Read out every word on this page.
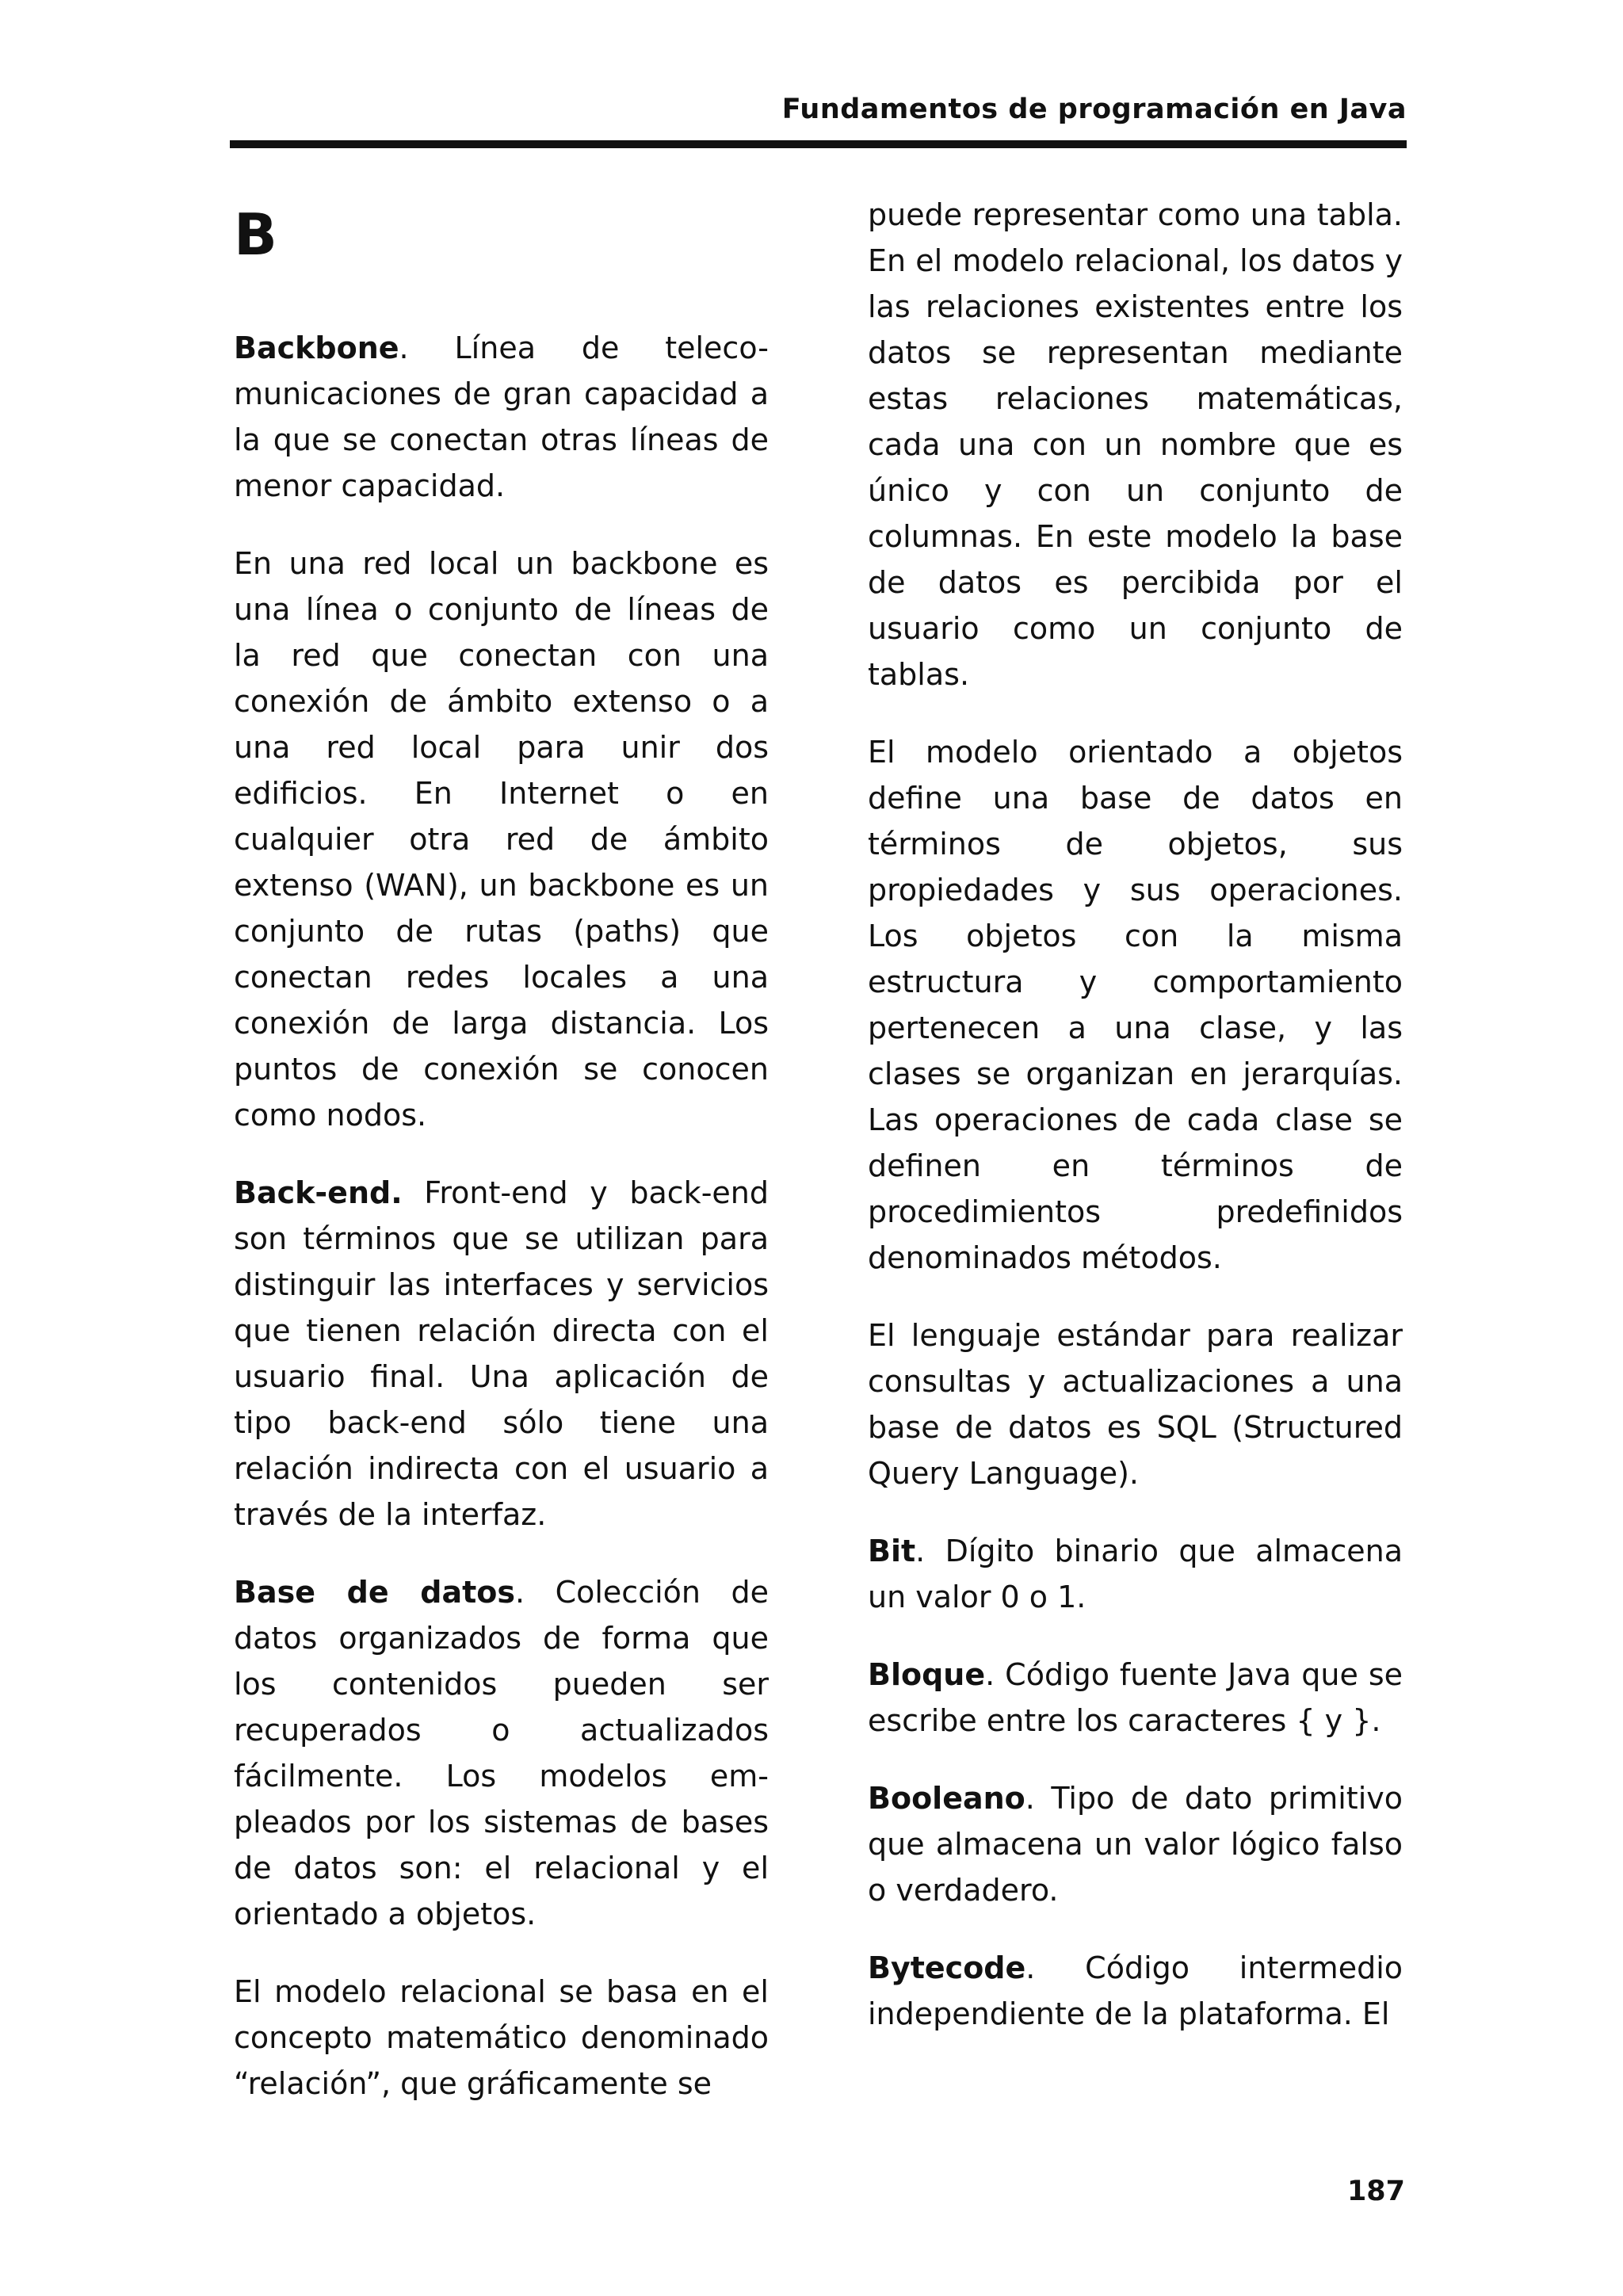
Fundamentos de programación en Java
B

Backbone. Línea de teleco-municaciones de gran capacidad a la que se conectan otras líneas de menor capacidad.

En una red local un backbone es una línea o conjunto de líneas de la red que conectan con una conexión de ámbito extenso o a una red local para unir dos edificios. En Internet o en cualquier otra red de ámbito extenso (WAN), un backbone es un conjunto de rutas (paths) que conectan redes locales a una conexión de larga distancia. Los puntos de conexión se conocen como nodos.

Back-end. Front-end y back-end son términos que se utilizan para distinguir las interfaces y servicios que tienen relación directa con el usuario final. Una aplicación de tipo back-end sólo tiene una relación indirecta con el usuario a través de la interfaz.

Base de datos. Colección de datos organizados de forma que los contenidos pueden ser recuperados o actualizados fácilmente. Los modelos em-pleados por los sistemas de bases de datos son: el relacional y el orientado a objetos.

El modelo relacional se basa en el concepto matemático denominado “relación”, que gráficamente se

puede representar como una tabla. En el modelo relacional, los datos y las relaciones existentes entre los datos se representan mediante estas relaciones matemáticas, cada una con un nombre que es único y con un conjunto de columnas. En este modelo la base de datos es percibida por el usuario como un conjunto de tablas.

El modelo orientado a objetos define una base de datos en términos de objetos, sus propiedades y sus operaciones. Los objetos con la misma estructura y comportamiento pertenecen a una clase, y las clases se organizan en jerarquías. Las operaciones de cada clase se definen en términos de procedimientos predefinidos denominados métodos.

El lenguaje estándar para realizar consultas y actualizaciones a una base de datos es SQL (Structured Query Language).

Bit. Dígito binario que almacena un valor 0 o 1.

Bloque. Código fuente Java que se escribe entre los caracteres { y }.

Booleano. Tipo de dato primitivo que almacena un valor lógico falso o verdadero.

Bytecode. Código intermedio independiente de la plataforma. El

187
